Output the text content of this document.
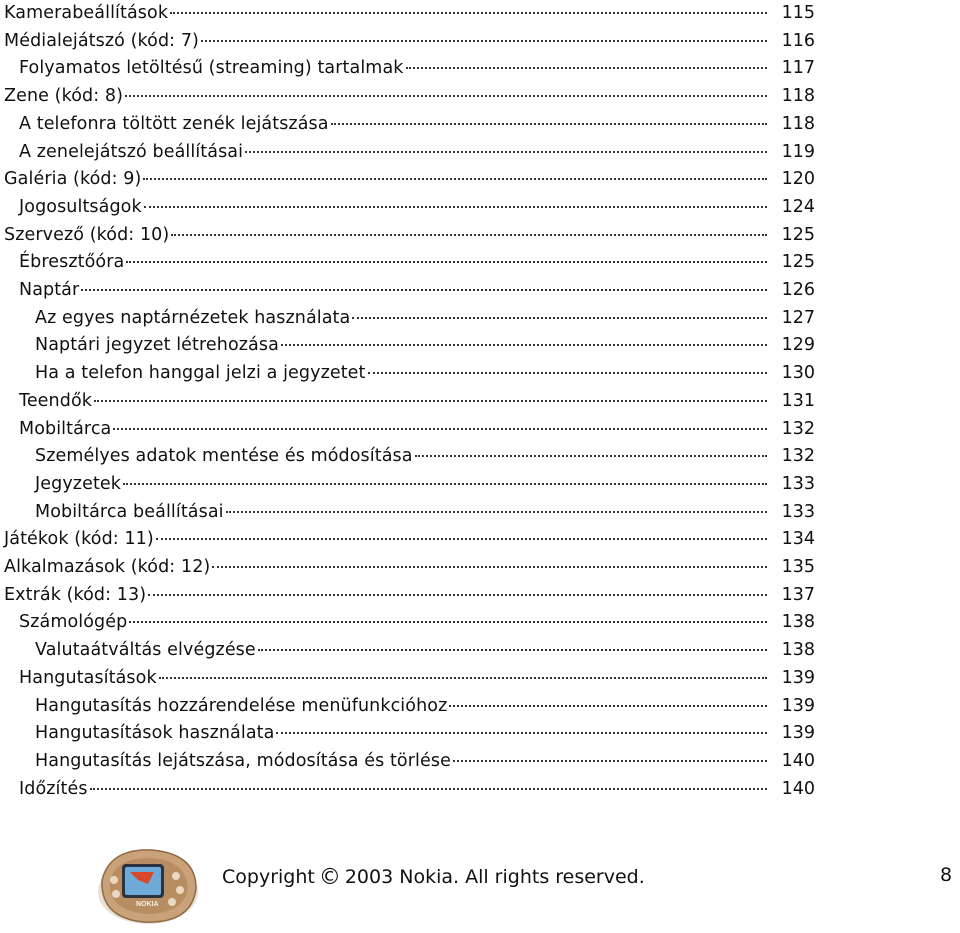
Kamerabeállítások	115
Médialejátszó (kód: 7)	116
Folyamatos letöltésű (streaming) tartalmak	117
Zene (kód: 8)	118
A telefonra töltött zenék lejátszása	118
A zenelejátszó beállításai	119
Galéria (kód: 9)	120
Jogosultságok	124
Szervező (kód: 10)	125
Ébresztőóra	125
Naptár	126
Az egyes naptárnézetek használata	127
Naptári jegyzet létrehozása	129
Ha a telefon hanggal jelzi a jegyzetet	130
Teendők	131
Mobiltárca	132
Személyes adatok mentése és módosítása	132
Jegyzetek	133
Mobiltárca beállításai	133
Játékok (kód: 11)	134
Alkalmazások (kód: 12)	135
Extrák (kód: 13)	137
Számológép	138
Valutaátváltás elvégzése	138
Hangutasítások	139
Hangutasítás hozzárendelése menüfunkcióhoz	139
Hangutasítások használata	139
Hangutasítás lejátszása, módosítása és törlése	140
Időzítés	140
NOKIA
Copyright © 2003 Nokia. All rights reserved.	8
